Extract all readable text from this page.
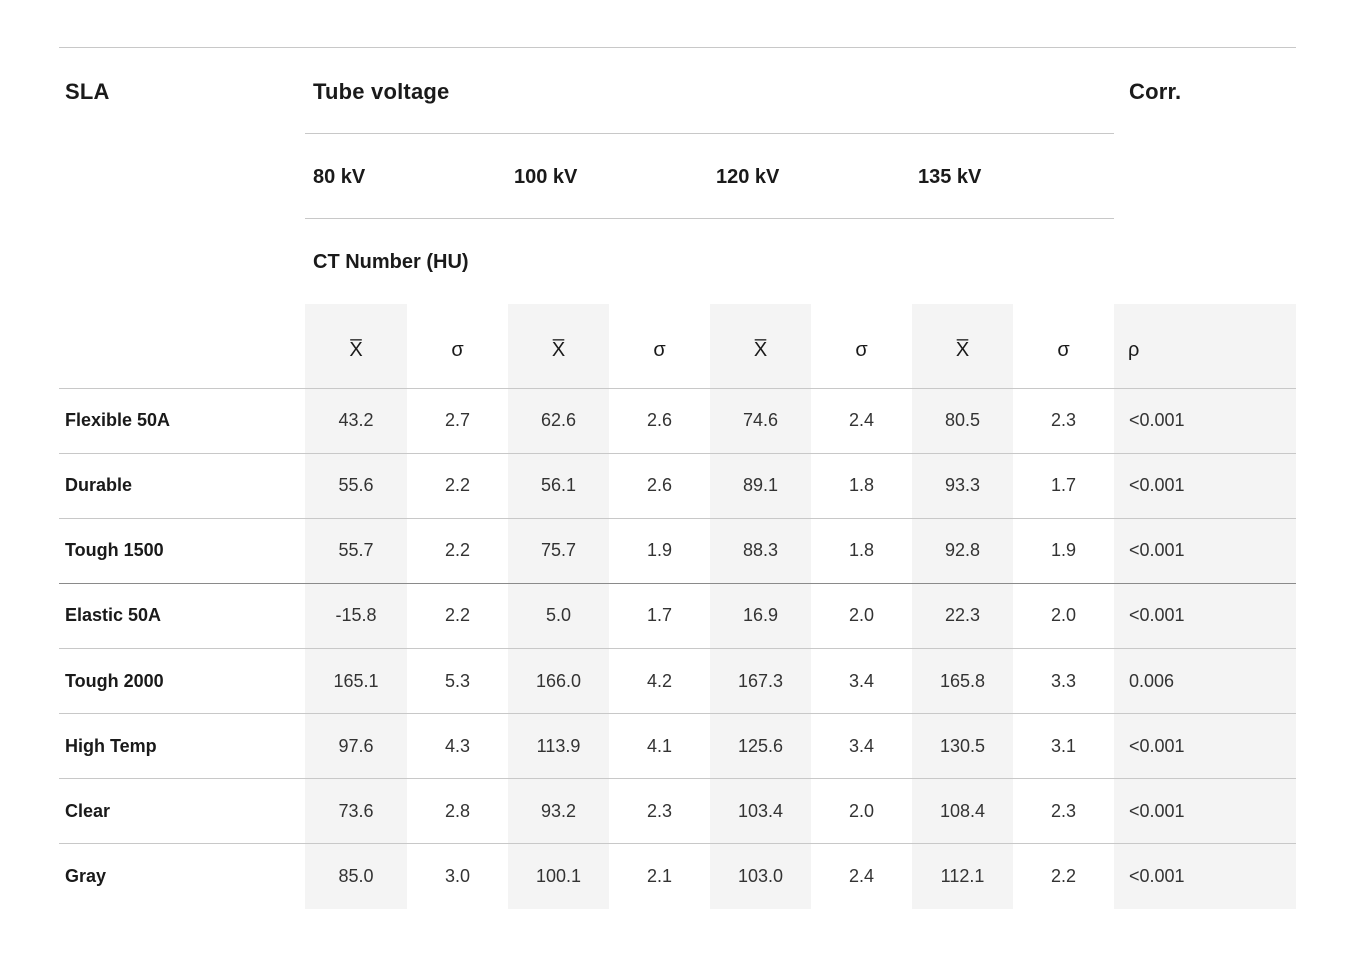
SLA	Tube voltage	Corr.
80 kV	100 kV	120 kV	135 kV
CT Number (HU)
X̅	σ	X̅	σ	X̅	σ	X̅	σ	ρ
Flexible 50A	43.2	2.7	62.6	2.6	74.6	2.4	80.5	2.3	<0.001
Durable	55.6	2.2	56.1	2.6	89.1	1.8	93.3	1.7	<0.001
Tough 1500	55.7	2.2	75.7	1.9	88.3	1.8	92.8	1.9	<0.001
Elastic 50A	-15.8	2.2	5.0	1.7	16.9	2.0	22.3	2.0	<0.001
Tough 2000	165.1	5.3	166.0	4.2	167.3	3.4	165.8	3.3	0.006
High Temp	97.6	4.3	113.9	4.1	125.6	3.4	130.5	3.1	<0.001
Clear	73.6	2.8	93.2	2.3	103.4	2.0	108.4	2.3	<0.001
Gray	85.0	3.0	100.1	2.1	103.0	2.4	112.1	2.2	<0.001
